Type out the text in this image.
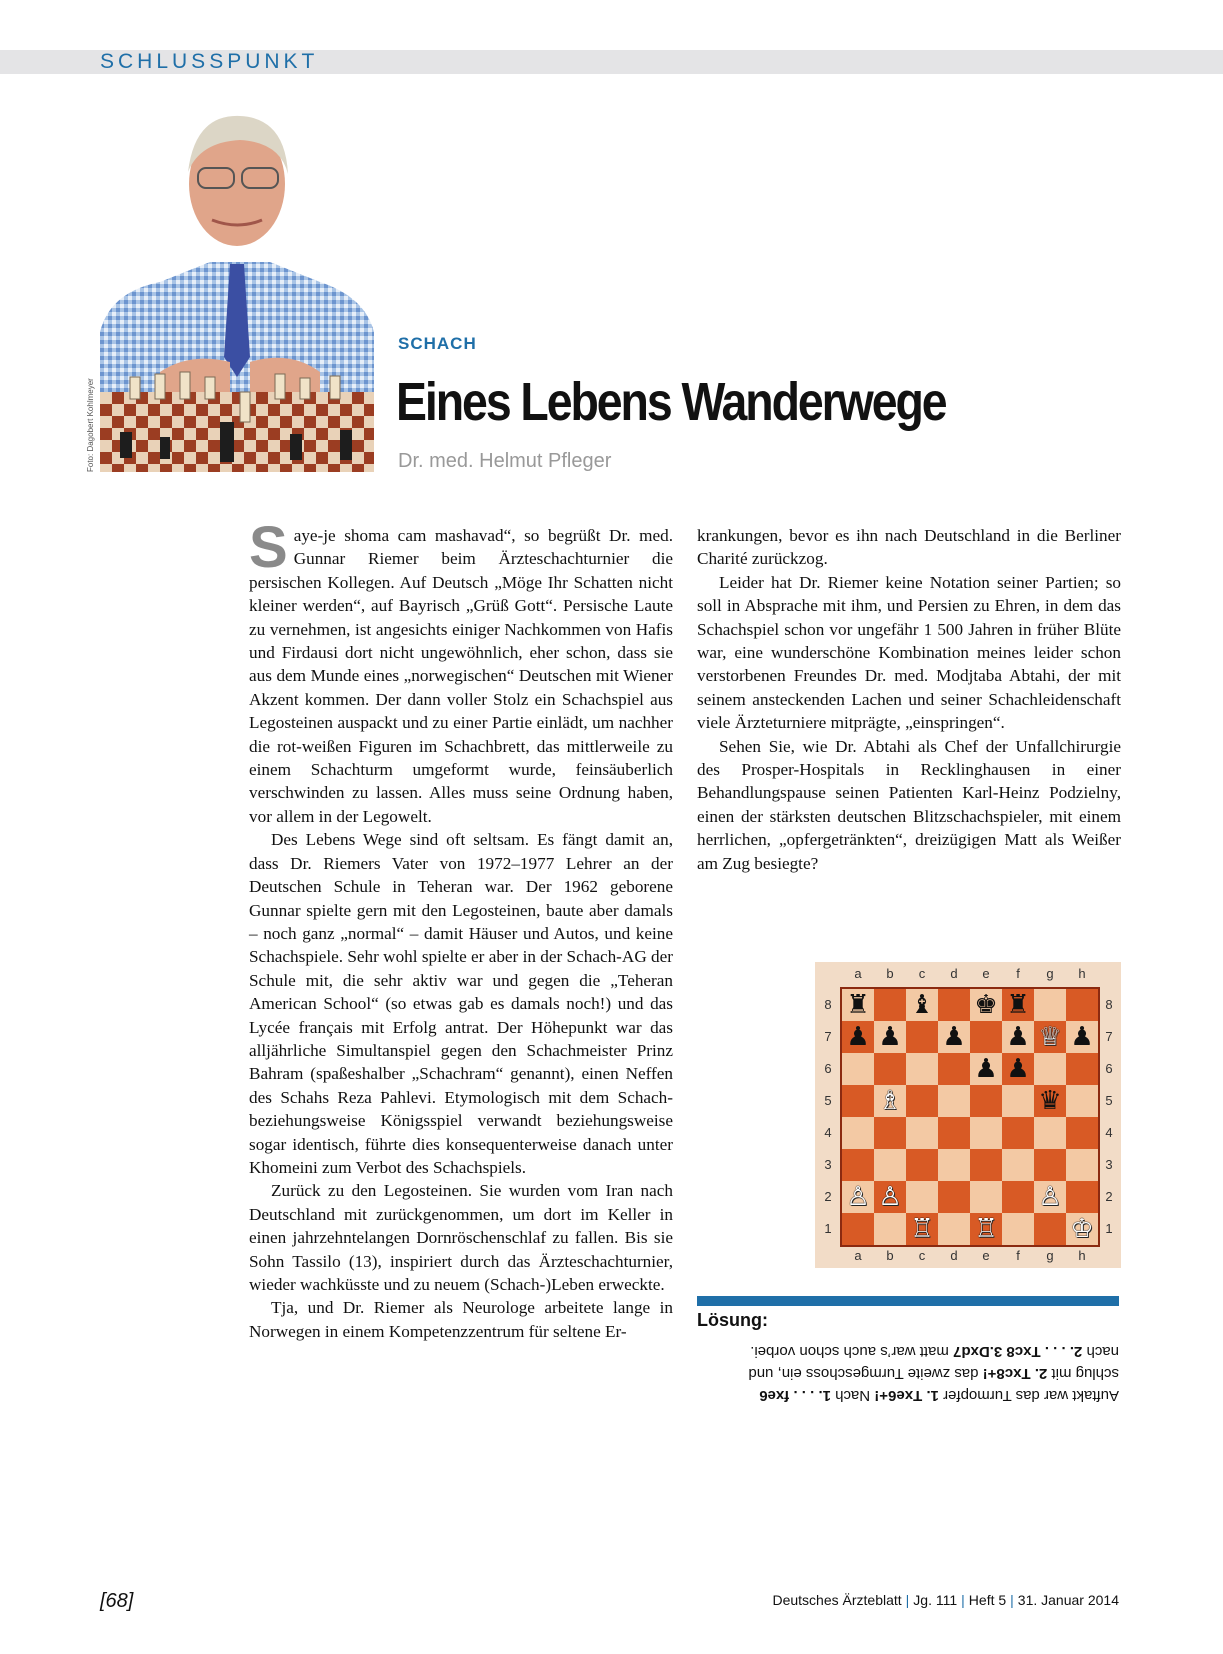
SCHLUSSPUNKT
Foto: Dagobert Kohlmeyer
SCHACH
Eines Lebens Wanderwege
Dr. med. Helmut Pfleger

Saye-je shoma cam mashavad“, so begrüßt Dr. med. Gunnar Riemer beim Ärzteschachturnier die persischen Kollegen. Auf Deutsch „Möge Ihr Schatten nicht kleiner werden“, auf Bayrisch „Grüß Gott“. Persische Laute zu vernehmen, ist angesichts einiger Nachkommen von Hafis und Firdausi dort nicht ungewöhnlich, eher schon, dass sie aus dem Munde eines „norwegischen“ Deutschen mit Wiener Akzent kommen. Der dann voller Stolz ein Schachspiel aus Legosteinen auspackt und zu einer Partie einlädt, um nachher die rot-weißen Figuren im Schachbrett, das mittlerweile zu einem Schachturm umgeformt wurde, feinsäuberlich verschwinden zu lassen. Alles muss seine Ordnung haben, vor allem in der Legowelt.

Des Lebens Wege sind oft seltsam. Es fängt damit an, dass Dr. Riemers Vater von 1972–1977 Lehrer an der Deutschen Schule in Teheran war. Der 1962 geborene Gunnar spielte gern mit den Legosteinen, baute aber damals – noch ganz „normal“ – damit Häuser und Autos, und keine Schachspiele. Sehr wohl spielte er aber in der Schach-AG der Schule mit, die sehr aktiv war und gegen die „Teheran American School“ (so etwas gab es damals noch!) und das Lycée français mit Erfolg antrat. Der Höhepunkt war das alljährliche Simultanspiel gegen den Schachmeister Prinz Bahram (spaßeshalber „Schachram“ genannt), einen Neffen des Schahs Reza Pahlevi. Etymologisch mit dem Schach- beziehungsweise Königsspiel verwandt beziehungsweise sogar identisch, führte dies konsequenterweise danach unter Khomeini zum Verbot des Schachspiels.

Zurück zu den Legosteinen. Sie wurden vom Iran nach Deutschland mit zurückgenommen, um dort im Keller in einen jahrzehntelangen Dornröschenschlaf zu fallen. Bis sie Sohn Tassilo (13), inspiriert durch das Ärzteschachturnier, wieder wachküsste und zu neuem (Schach-)Leben erweckte.

Tja, und Dr. Riemer als Neurologe arbeitete lange in Norwegen in einem Kompetenzzentrum für seltene Er-

krankungen, bevor es ihn nach Deutschland in die Berliner Charité zurückzog.

Leider hat Dr. Riemer keine Notation seiner Partien; so soll in Absprache mit ihm, und Persien zu Ehren, in dem das Schachspiel schon vor ungefähr 1 500 Jahren in früher Blüte war, eine wunderschöne Kombination meines leider schon verstorbenen Freundes Dr. med. Modjtaba Abtahi, der mit seinem ansteckenden Lachen und seiner Schachleidenschaft viele Ärzteturniere mitprägte, „einspringen“.

Sehen Sie, wie Dr. Abtahi als Chef der Unfallchirurgie des Prosper-Hospitals in Recklinghausen in einer Behandlungspause seinen Patienten Karl-Heinz Podzielny, einen der stärksten deutschen Blitzschachspieler, mit einem herrlichen, „opfergetränkten“, dreizügigen Matt als Weißer am Zug besiegte?

a	b	c	d	e	f	g	h
a	b	c	d	e	f	g	h
8
7
6
5
4
3
2
1
8
7
6
5
4
3
2
1
♜ ♝ ♚ ♜
♟ ♟ ♟ ♟ ♕ ♟
♟ ♟
♗	♛
♙ ♙	♙
♖ ♖	♔
Lösung:
Auftakt war das Turmopfer 1. Txe6+! Nach 1. . . . fxe6
schlug mit 2. Txc8+! das zweite Turmgeschoss ein, und
nach 2. . . . Txc8 3.Dxd7 matt war’s auch schon vorbei.
[68]	Deutsches Ärzteblatt | Jg. 111 | Heft 5 | 31. Januar 2014
